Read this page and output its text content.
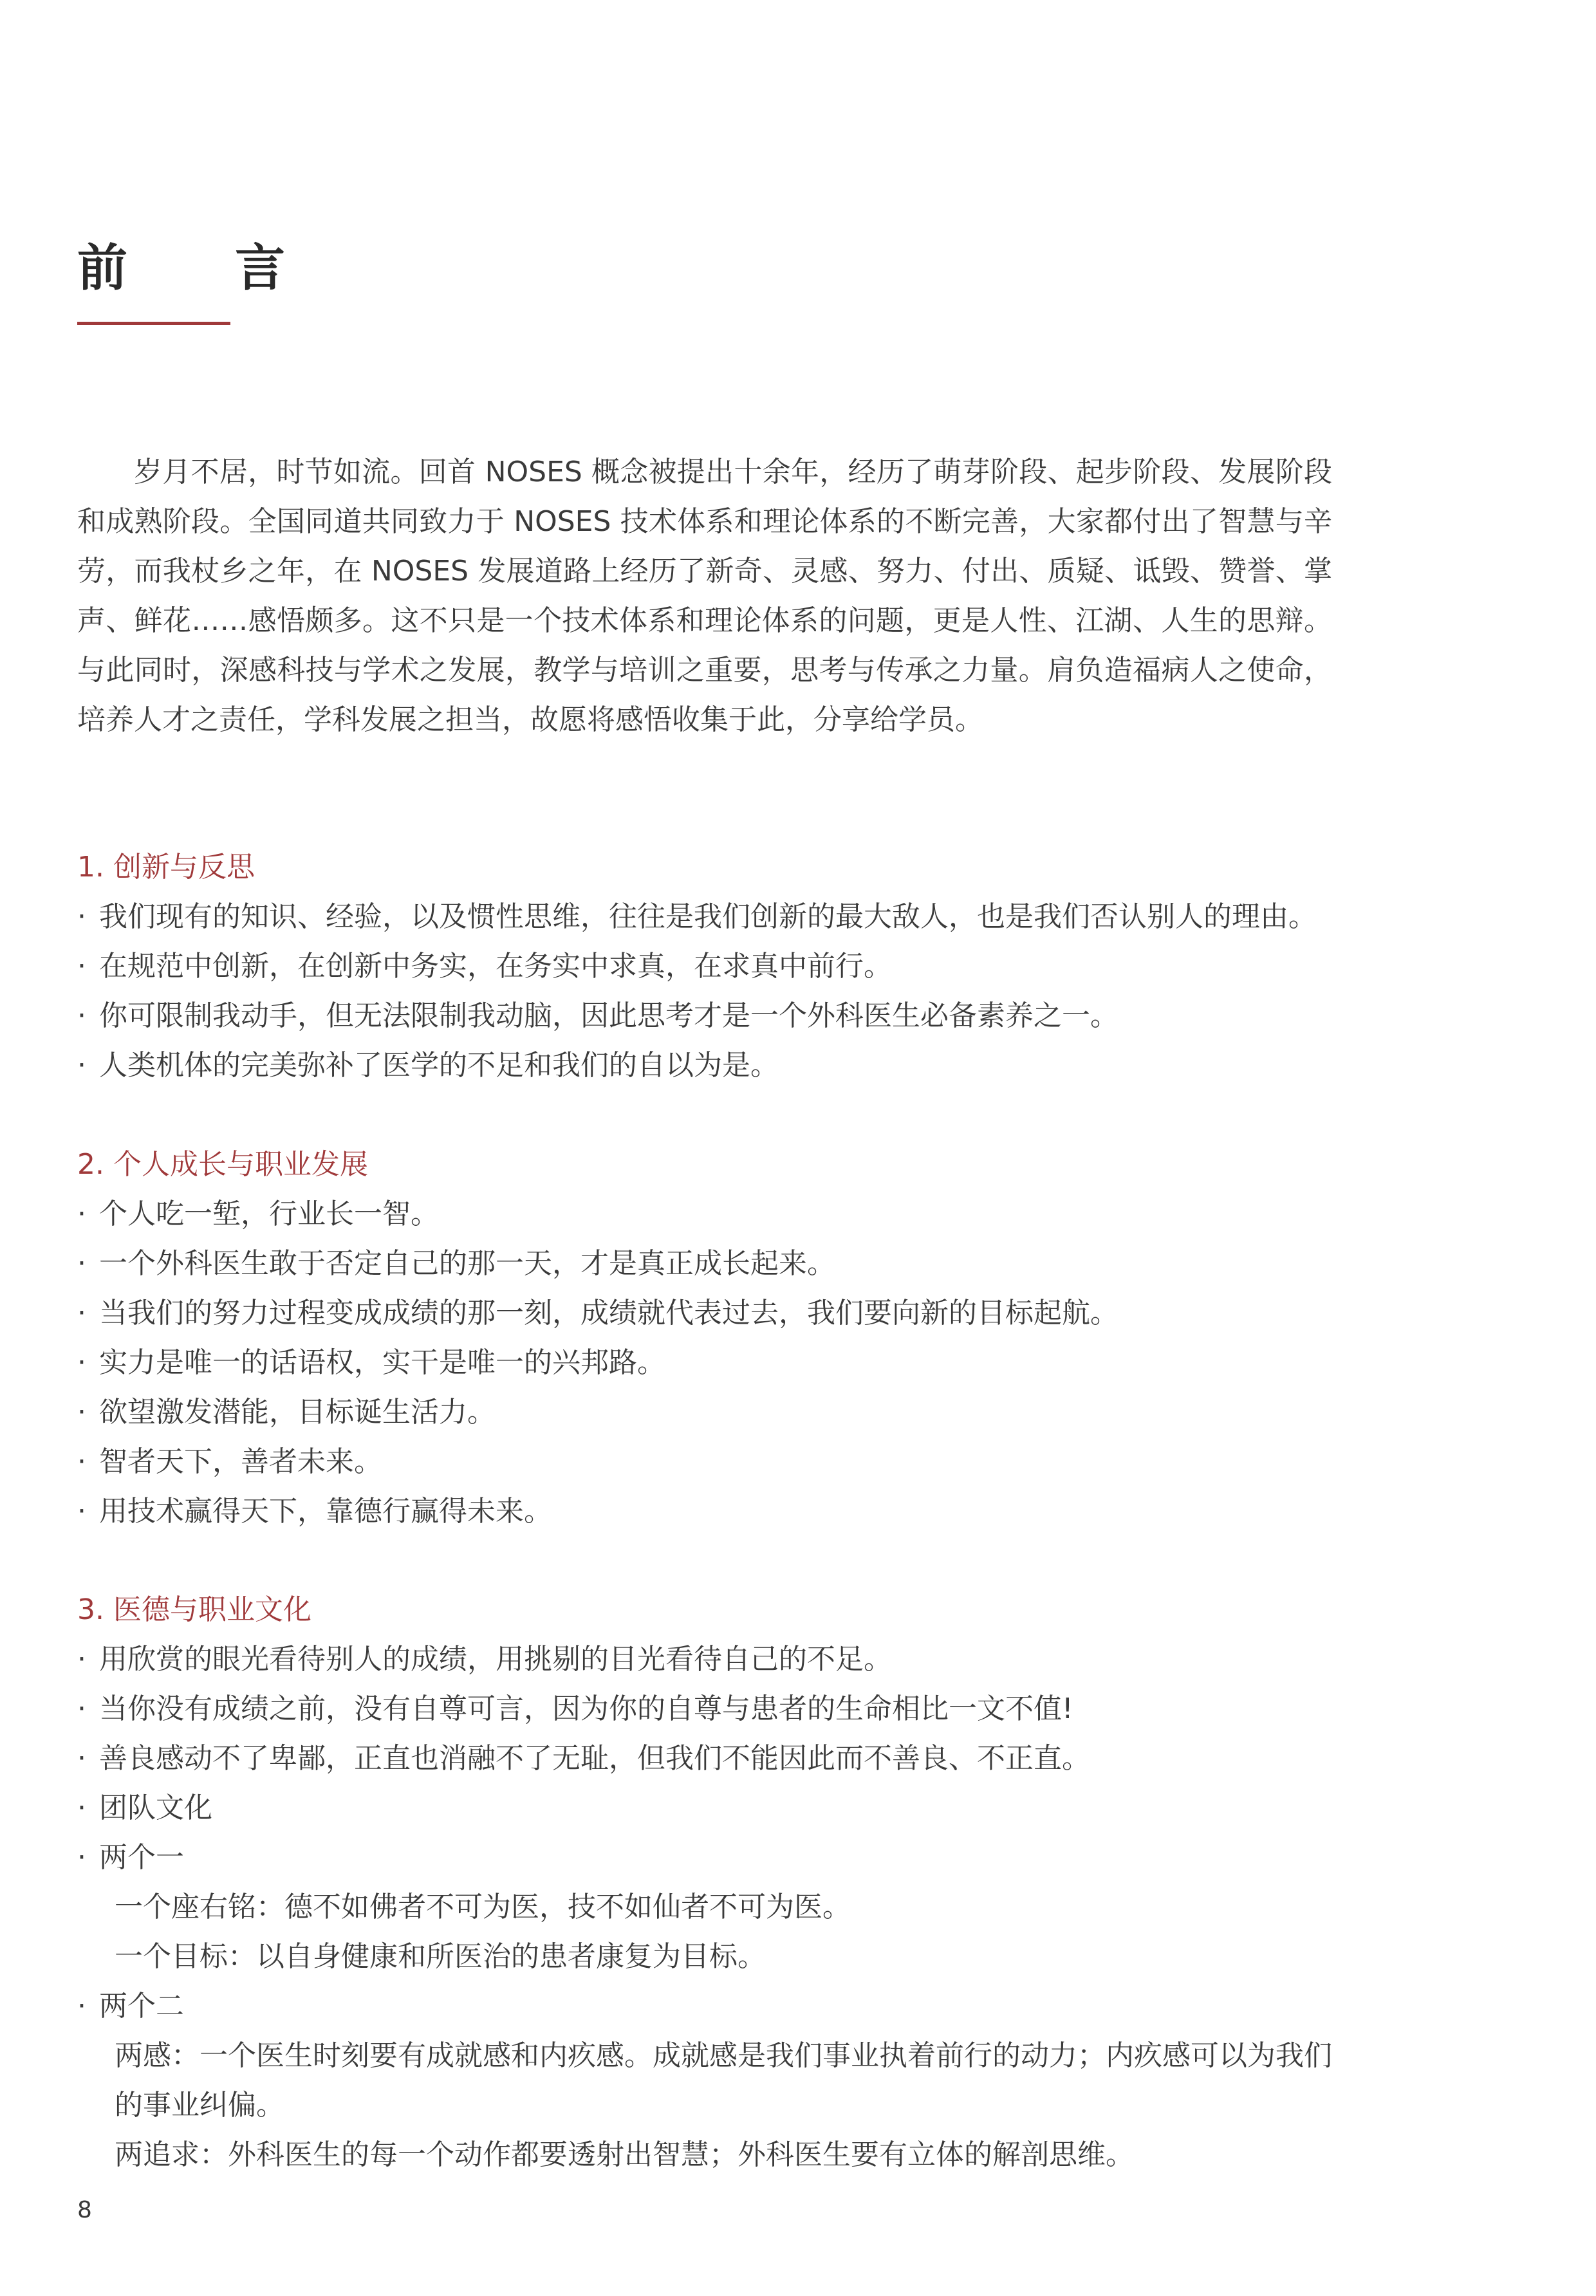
前 言

岁月不居，时节如流。回首 NOSES 概念被提出十余年，经历了萌芽阶段、起步阶段、发展阶段和成熟阶段。全国同道共同致力于 NOSES 技术体系和理论体系的不断完善，大家都付出了智慧与辛劳，而我杖乡之年，在 NOSES 发展道路上经历了新奇、灵感、努力、付出、质疑、诋毁、赞誉、掌声、鲜花……感悟颇多。这不只是一个技术体系和理论体系的问题，更是人性、江湖、人生的思辩。与此同时，深感科技与学术之发展，教学与培训之重要，思考与传承之力量。肩负造福病人之使命，培养人才之责任，学科发展之担当，故愿将感悟收集于此，分享给学员。

1. 创新与反思
· 我们现有的知识、经验，以及惯性思维，往往是我们创新的最大敌人，也是我们否认别人的理由。
· 在规范中创新，在创新中务实，在务实中求真，在求真中前行。
· 你可限制我动手，但无法限制我动脑，因此思考才是一个外科医生必备素养之一。
· 人类机体的完美弥补了医学的不足和我们的自以为是。
2. 个人成长与职业发展
· 个人吃一堑，行业长一智。
· 一个外科医生敢于否定自己的那一天，才是真正成长起来。
· 当我们的努力过程变成成绩的那一刻，成绩就代表过去，我们要向新的目标起航。
· 实力是唯一的话语权，实干是唯一的兴邦路。
· 欲望激发潜能，目标诞生活力。
· 智者天下，善者未来。
· 用技术赢得天下，靠德行赢得未来。
3. 医德与职业文化
· 用欣赏的眼光看待别人的成绩，用挑剔的目光看待自己的不足。
· 当你没有成绩之前，没有自尊可言，因为你的自尊与患者的生命相比一文不值!
· 善良感动不了卑鄙，正直也消融不了无耻，但我们不能因此而不善良、不正直。
· 团队文化
· 两个一
一个座右铭：德不如佛者不可为医，技不如仙者不可为医。
一个目标：以自身健康和所医治的患者康复为目标。
· 两个二
两感：一个医生时刻要有成就感和内疚感。成就感是我们事业执着前行的动力；内疚感可以为我们的事业纠偏。
两追求：外科医生的每一个动作都要透射出智慧；外科医生要有立体的解剖思维。
8
